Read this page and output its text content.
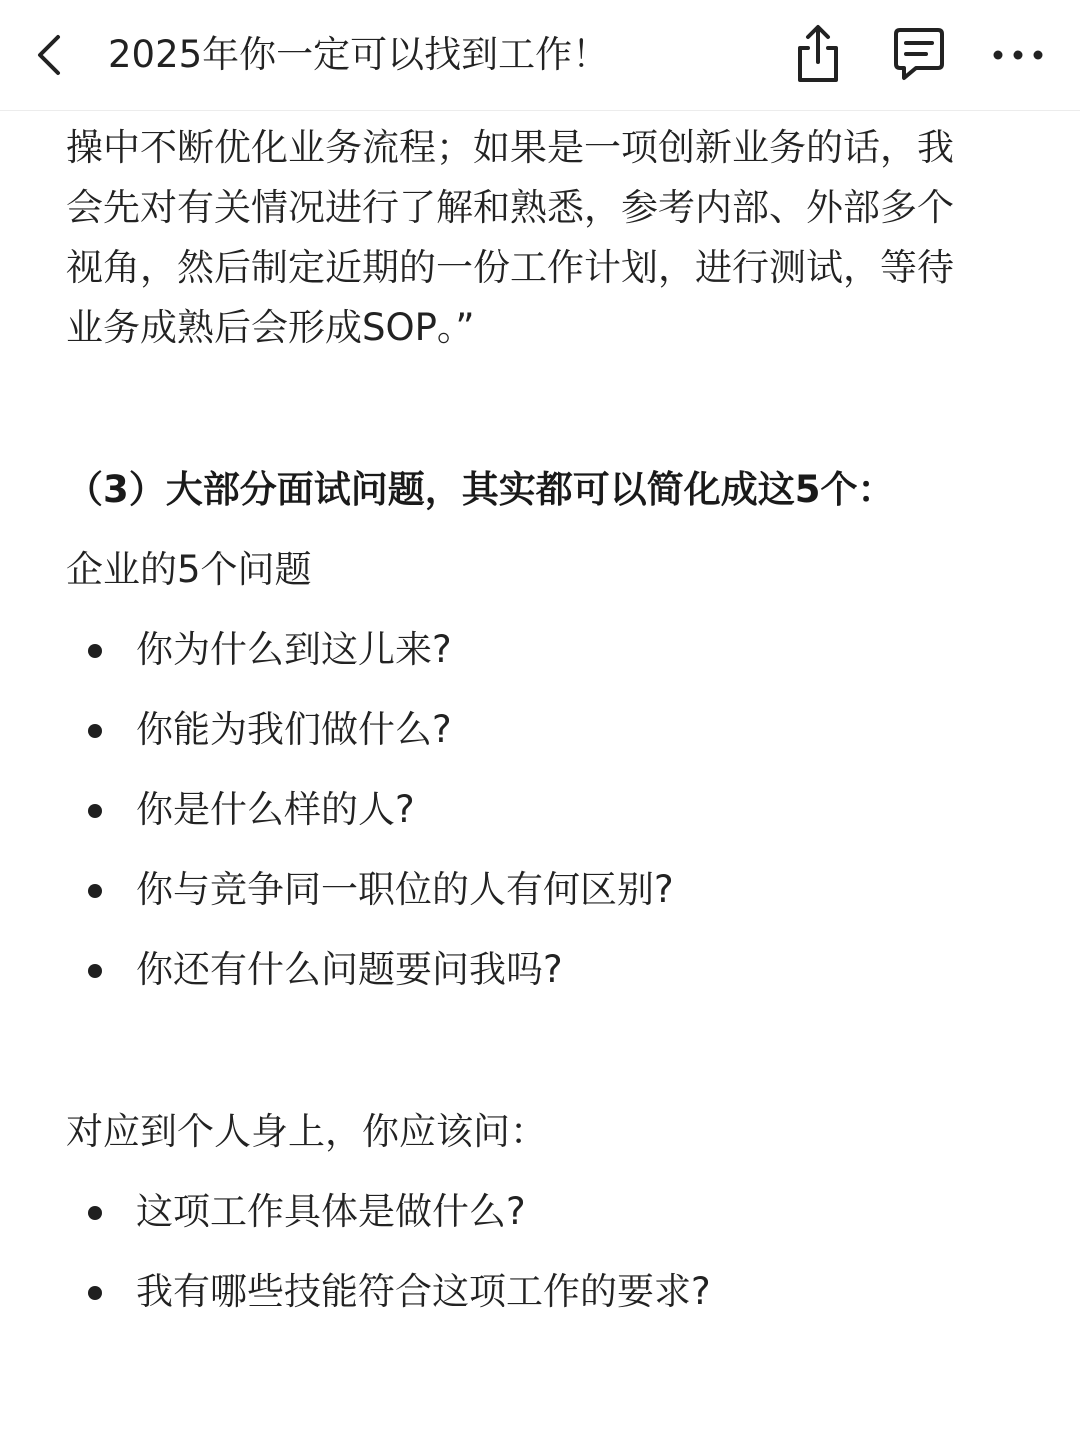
2025年你一定可以找到工作！

操中不断优化业务流程；如果是一项创新业务的话，我

会先对有关情况进行了解和熟悉，参考内部、外部多个

视角，然后制定近期的一份工作计划，进行测试，等待

业务成熟后会形成SOP。”

（3）大部分面试问题，其实都可以简化成这5个：
企业的5个问题
你为什么到这儿来?
你能为我们做什么?
你是什么样的人?
你与竞争同一职位的人有何区别?
你还有什么问题要问我吗?
对应到个人身上，你应该问：
这项工作具体是做什么?
我有哪些技能符合这项工作的要求?
